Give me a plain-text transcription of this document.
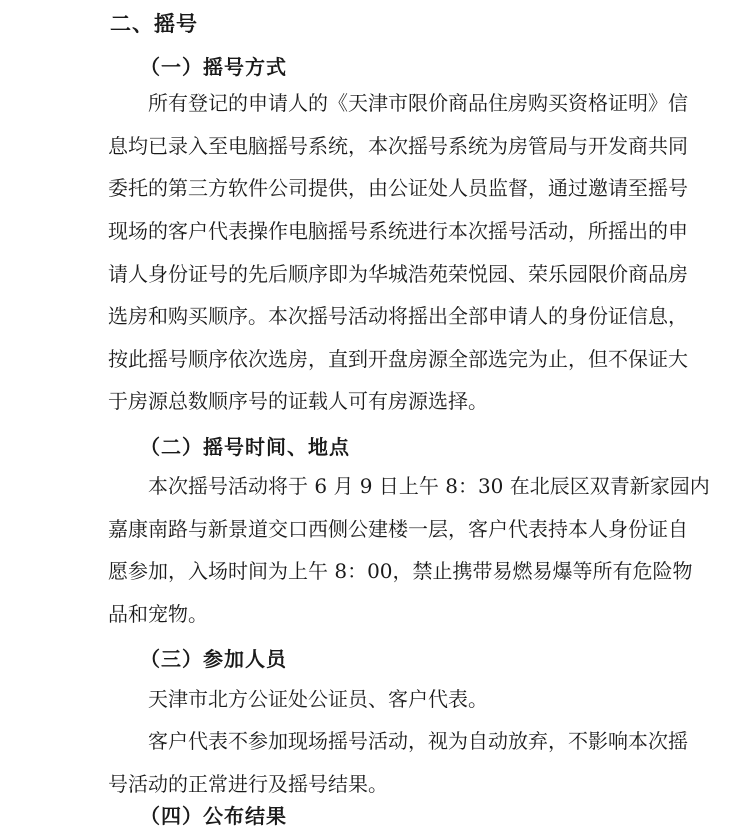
二、摇号
（一）摇号方式
所有登记的申请人的《天津市限价商品住房购买资格证明》信
息均已录入至电脑摇号系统，本次摇号系统为房管局与开发商共同
委托的第三方软件公司提供，由公证处人员监督，通过邀请至摇号
现场的客户代表操作电脑摇号系统进行本次摇号活动，所摇出的申
请人身份证号的先后顺序即为华城浩苑荣悦园、荣乐园限价商品房
选房和购买顺序。本次摇号活动将摇出全部申请人的身份证信息，
按此摇号顺序依次选房，直到开盘房源全部选完为止，但不保证大
于房源总数顺序号的证载人可有房源选择。
（二）摇号时间、地点
本次摇号活动将于 6 月 9 日上午 8：30 在北辰区双青新家园内
嘉康南路与新景道交口西侧公建楼一层，客户代表持本人身份证自
愿参加，入场时间为上午 8：00，禁止携带易燃易爆等所有危险物
品和宠物。
（三）参加人员
天津市北方公证处公证员、客户代表。
客户代表不参加现场摇号活动，视为自动放弃，不影响本次摇
号活动的正常进行及摇号结果。
（四）公布结果
